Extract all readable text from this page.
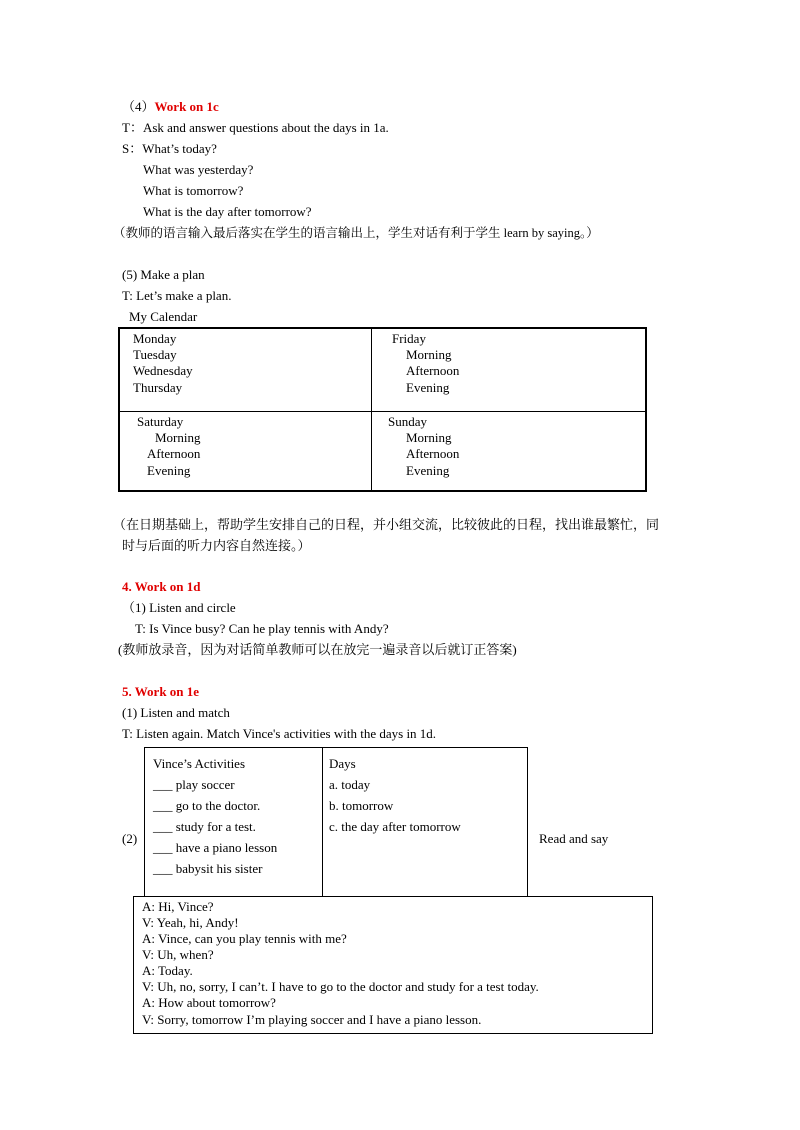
（4）Work on 1c
T：Ask and answer questions about the days in 1a.
S：What’s today?
What was yesterday?
What is tomorrow?
What is the day after tomorrow?
（教师的语言输入最后落实在学生的语言输出上，学生对话有利于学生 learn by saying。）
(5) Make a plan
T: Let’s make a plan.
My Calendar
Monday
Tuesday
Wednesday
Thursday
Friday
Morning
Afternoon
Evening
Saturday
Morning
Afternoon
Evening
Sunday
Morning
Afternoon
Evening
（在日期基础上，帮助学生安排自己的日程，并小组交流，比较彼此的日程，找出谁最繁忙，同
时与后面的听力内容自然连接。）
4. Work on 1d
（1) Listen and circle
T: Is Vince busy? Can he play tennis with Andy?
(教师放录音，因为对话简单教师可以在放完一遍录音以后就订正答案)
5. Work on 1e
(1) Listen and match
T: Listen again. Match Vince's activities with the days in 1d.
(2)
Vince’s Activities
___ play soccer
___ go to the doctor.
___ study for a test.
___ have a piano lesson
___ babysit his sister
Days
a. today
b. tomorrow
c. the day after tomorrow
Read and say
A: Hi, Vince?
V: Yeah, hi, Andy!
A: Vince, can you play tennis with me?
V: Uh, when?
A: Today.
V: Uh, no, sorry, I can’t. I have to go to the doctor and study for a test today.
A: How about tomorrow?
V: Sorry, tomorrow I’m playing soccer and I have a piano lesson.
